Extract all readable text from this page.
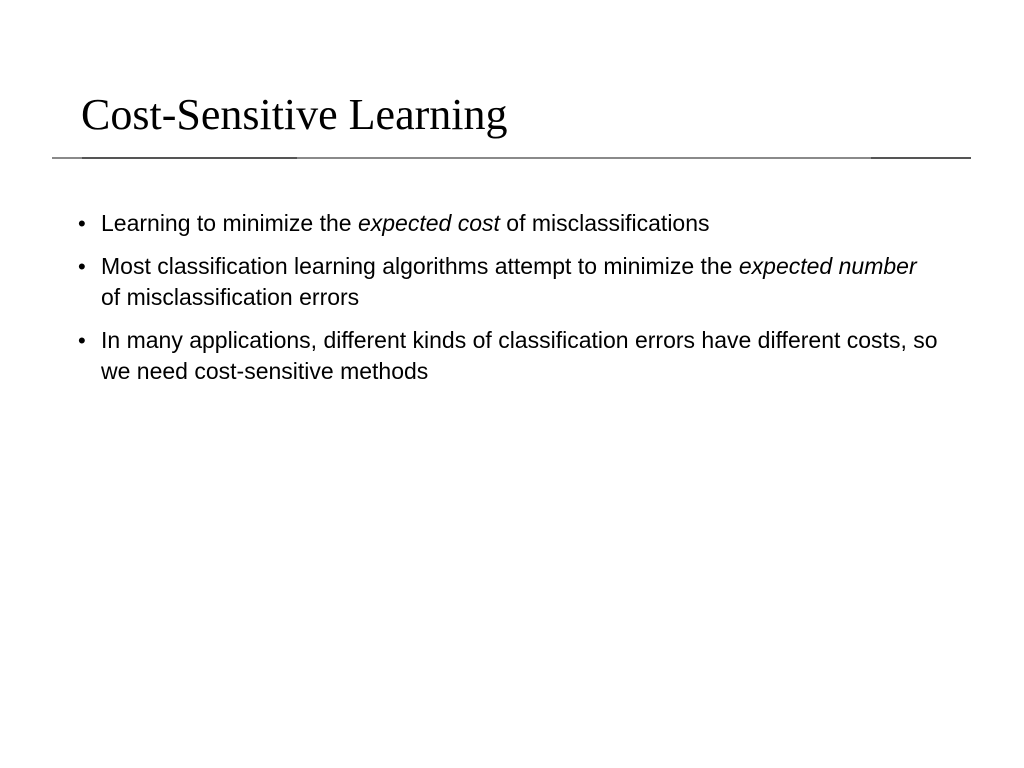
Cost-Sensitive Learning
• Learning to minimize the expected cost of misclassifications
• Most classification learning algorithms attempt to minimize the expected number of misclassification errors
• In many applications, different kinds of classification errors have different costs, so we need cost-sensitive methods
